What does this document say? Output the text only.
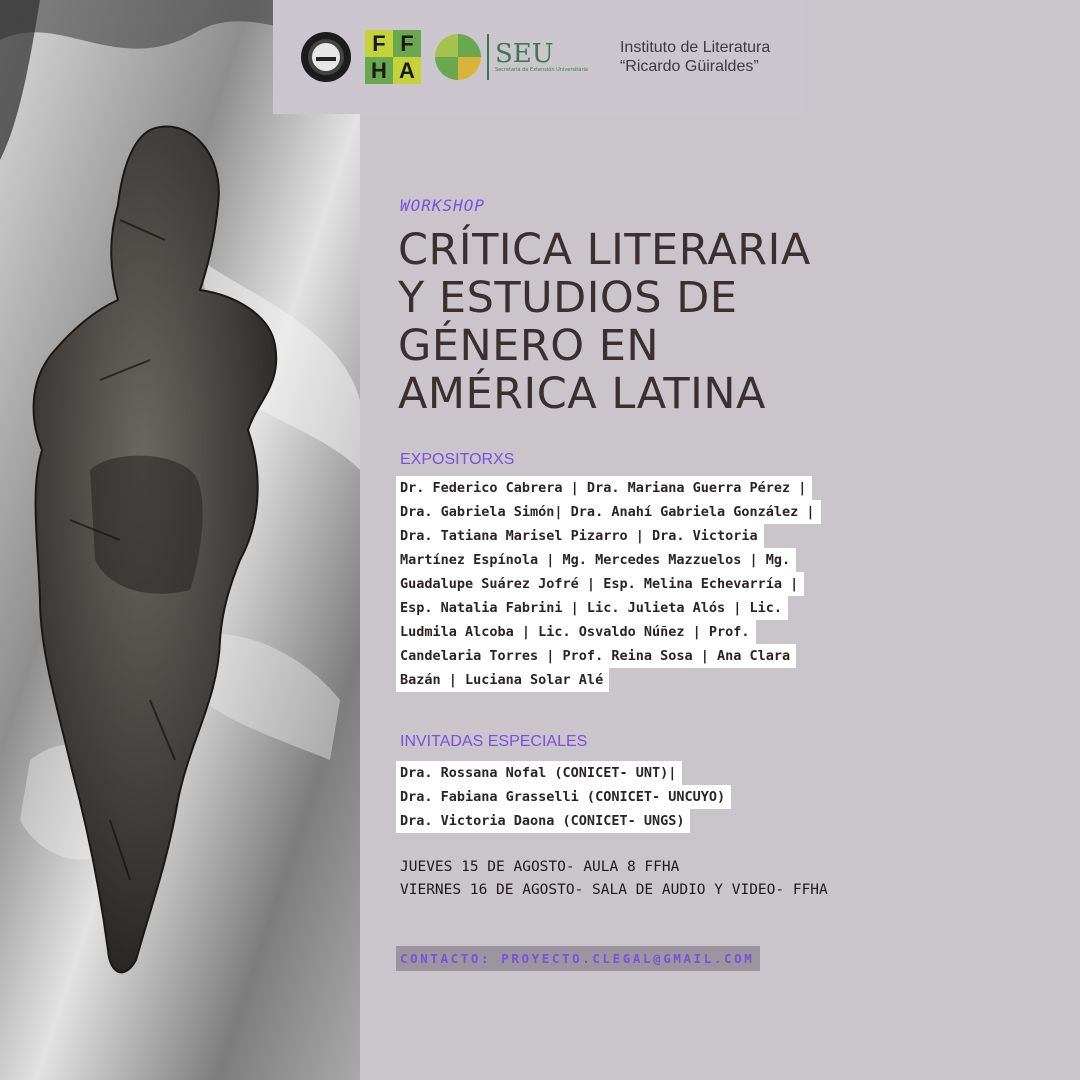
F F
H A
SEU
Secretaría de Extensión Universitaria
Instituto de Literatura
“Ricardo Güiraldes”
WORKSHOP
CRÍTICA LITERARIA
Y ESTUDIOS DE
GÉNERO EN
AMÉRICA LATINA
EXPOSITORXS
Dr. Federico Cabrera | Dra. Mariana Guerra Pérez |
Dra. Gabriela Simón| Dra. Anahí Gabriela González |
Dra. Tatiana Marisel Pizarro | Dra. Victoria
Martínez Espínola | Mg. Mercedes Mazzuelos | Mg.
Guadalupe Suárez Jofré | Esp. Melina Echevarría |
Esp. Natalia Fabrini | Lic. Julieta Alós | Lic.
Ludmila Alcoba | Lic. Osvaldo Núñez | Prof.
Candelaria Torres | Prof. Reina Sosa | Ana Clara
Bazán | Luciana Solar Alé
INVITADAS ESPECIALES
Dra. Rossana Nofal (CONICET- UNT)|
Dra. Fabiana Grasselli (CONICET- UNCUYO)
Dra. Victoria Daona (CONICET- UNGS)
JUEVES 15 DE AGOSTO- AULA 8 FFHA
VIERNES 16 DE AGOSTO- SALA DE AUDIO Y VIDEO- FFHA
CONTACTO: PROYECTO.CLEGAL@GMAIL.COM
